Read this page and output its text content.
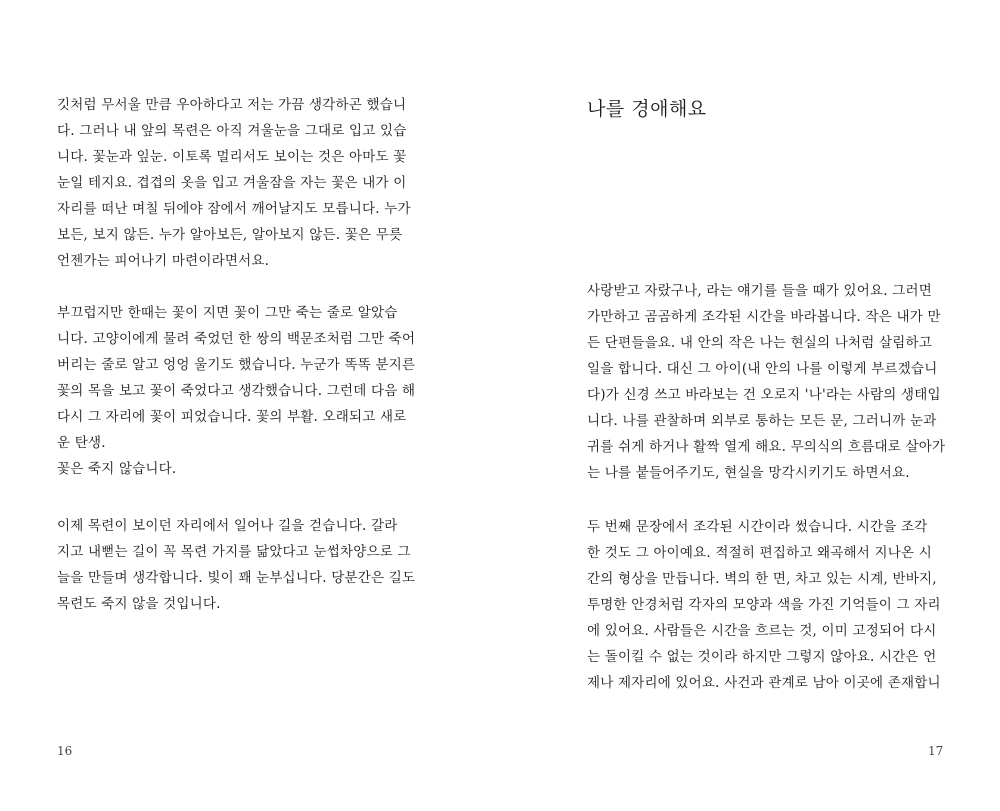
깃처럼 무서울 만큼 우아하다고 저는 가끔 생각하곤 했습니
다. 그러나 내 앞의 목련은 아직 겨울눈을 그대로 입고 있습
니다. 꽃눈과 잎눈. 이토록 멀리서도 보이는 것은 아마도 꽃
눈일 테지요. 겹겹의 옷을 입고 겨울잠을 자는 꽃은 내가 이
자리를 떠난 며칠 뒤에야 잠에서 깨어날지도 모릅니다. 누가
보든, 보지 않든. 누가 알아보든, 알아보지 않든. 꽃은 무릇
언젠가는 피어나기 마련이라면서요.
부끄럽지만 한때는 꽃이 지면 꽃이 그만 죽는 줄로 알았습
니다. 고양이에게 물려 죽었던 한 쌍의 백문조처럼 그만 죽어
버리는 줄로 알고 엉엉 울기도 했습니다. 누군가 똑똑 분지른
꽃의 목을 보고 꽃이 죽었다고 생각했습니다. 그런데 다음 해
다시 그 자리에 꽃이 피었습니다. 꽃의 부활. 오래되고 새로
운 탄생.
꽃은 죽지 않습니다.
이제 목련이 보이던 자리에서 일어나 길을 걷습니다. 갈라
지고 내뻗는 길이 꼭 목련 가지를 닮았다고 눈썹차양으로 그
늘을 만들며 생각합니다. 빛이 꽤 눈부십니다. 당분간은 길도
목련도 죽지 않을 것입니다.
16
나를 경애해요
사랑받고 자랐구나, 라는 얘기를 들을 때가 있어요. 그러면
가만하고 곰곰하게 조각된 시간을 바라봅니다. 작은 내가 만
든 단편들을요. 내 안의 작은 나는 현실의 나처럼 살림하고
일을 합니다. 대신 그 아이(내 안의 나를 이렇게 부르겠습니
다)가 신경 쓰고 바라보는 건 오로지 '나'라는 사람의 생태입
니다. 나를 관찰하며 외부로 통하는 모든 문, 그러니까 눈과
귀를 쉬게 하거나 활짝 열게 해요. 무의식의 흐름대로 살아가
는 나를 붙들어주기도, 현실을 망각시키기도 하면서요.
두 번째 문장에서 조각된 시간이라 썼습니다. 시간을 조각
한 것도 그 아이예요. 적절히 편집하고 왜곡해서 지나온 시
간의 형상을 만듭니다. 벽의 한 면, 차고 있는 시계, 반바지,
투명한 안경처럼 각자의 모양과 색을 가진 기억들이 그 자리
에 있어요. 사람들은 시간을 흐르는 것, 이미 고정되어 다시
는 돌이킬 수 없는 것이라 하지만 그렇지 않아요. 시간은 언
제나 제자리에 있어요. 사건과 관계로 남아 이곳에 존재합니
17
